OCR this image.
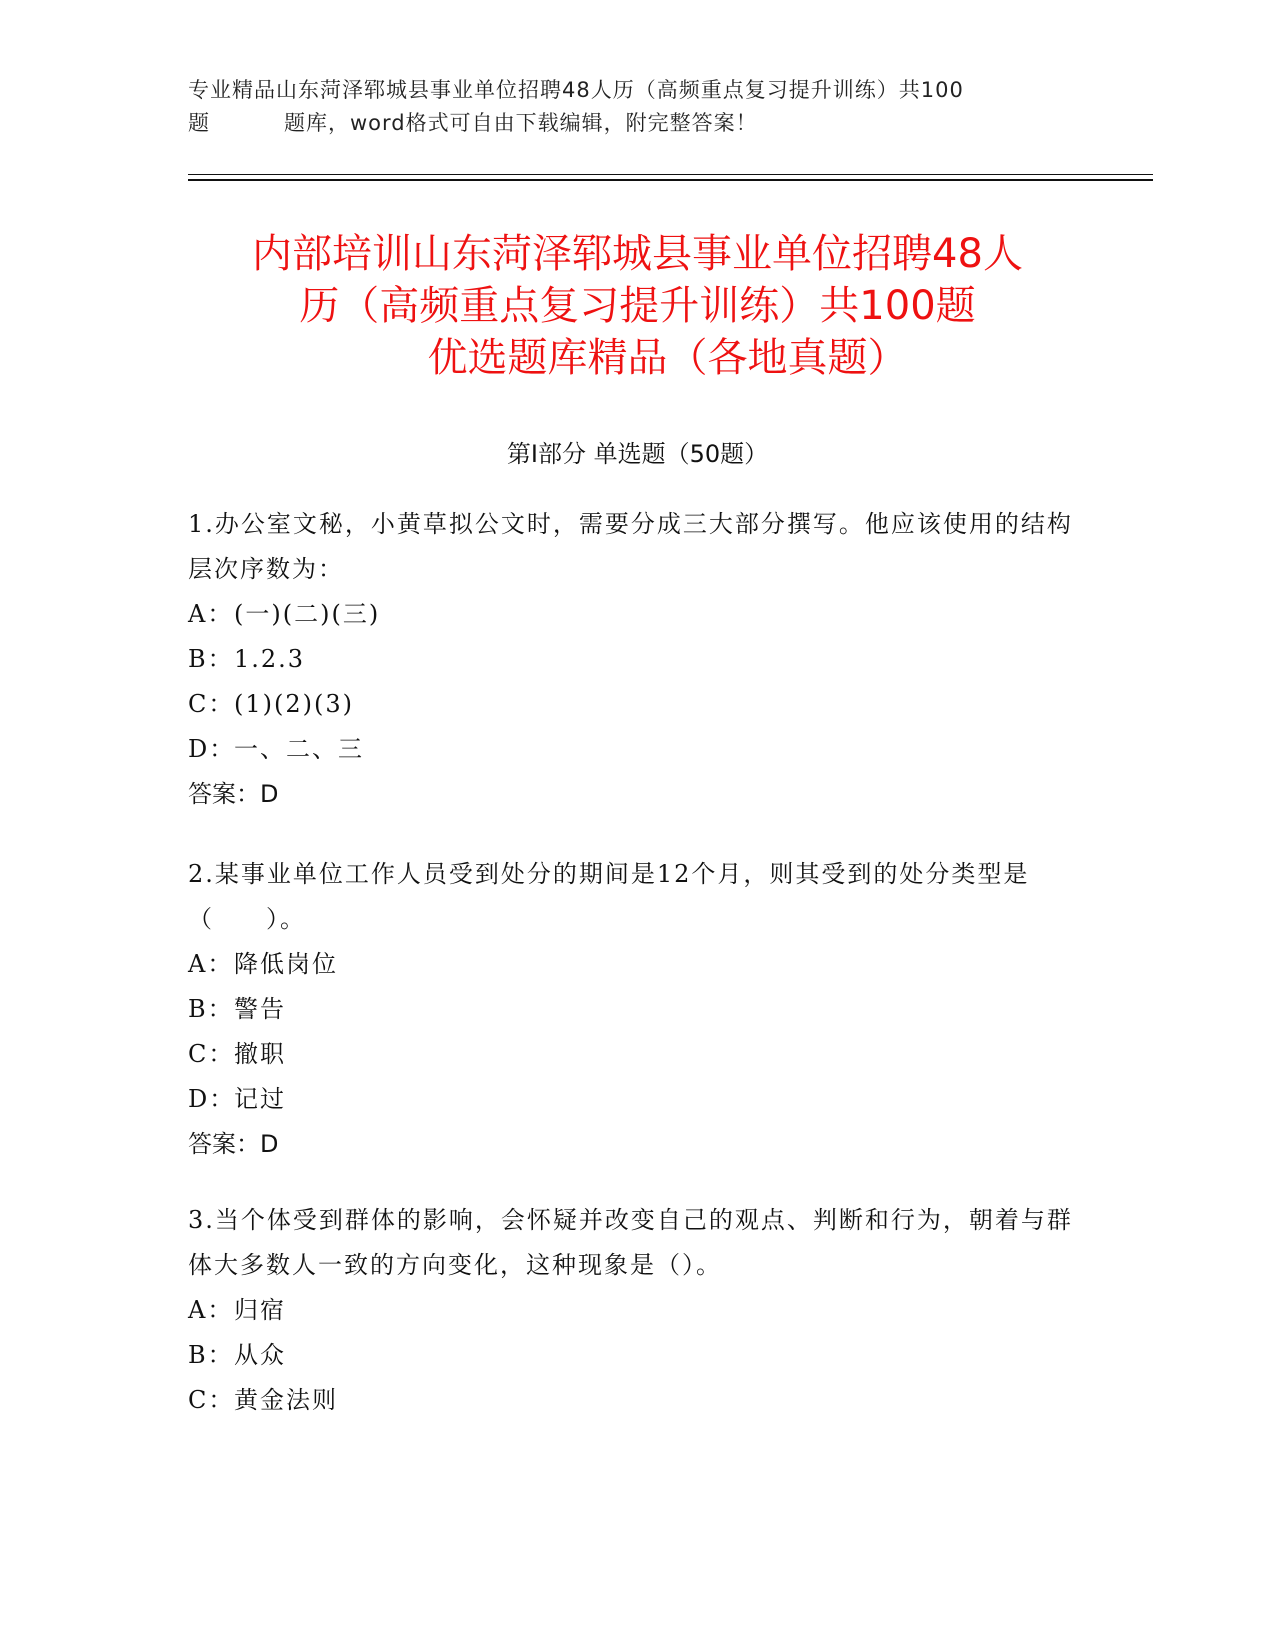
专业精品山东菏泽郓城县事业单位招聘48人历（高频重点复习提升训练）共100
题	题库，word格式可自由下载编辑，附完整答案！
内部培训山东菏泽郓城县事业单位招聘48人
历（高频重点复习提升训练）共100题
优选题库精品（各地真题）
第Ⅰ部分 单选题（50题）

1.办公室文秘，小黄草拟公文时，需要分成三大部分撰写。他应该使用的结构层次序数为：

A：(一)(二)(三)
B：1.2.3
C：(1)(2)(3)
D：一、二、三
答案：D

2.某事业单位工作人员受到处分的期间是12个月，则其受到的处分类型是（　　）。

A：降低岗位
B：警告
C：撤职
D：记过
答案：D

3.当个体受到群体的影响，会怀疑并改变自己的观点、判断和行为，朝着与群体大多数人一致的方向变化，这种现象是（）。

A：归宿
B：从众
C：黄金法则
